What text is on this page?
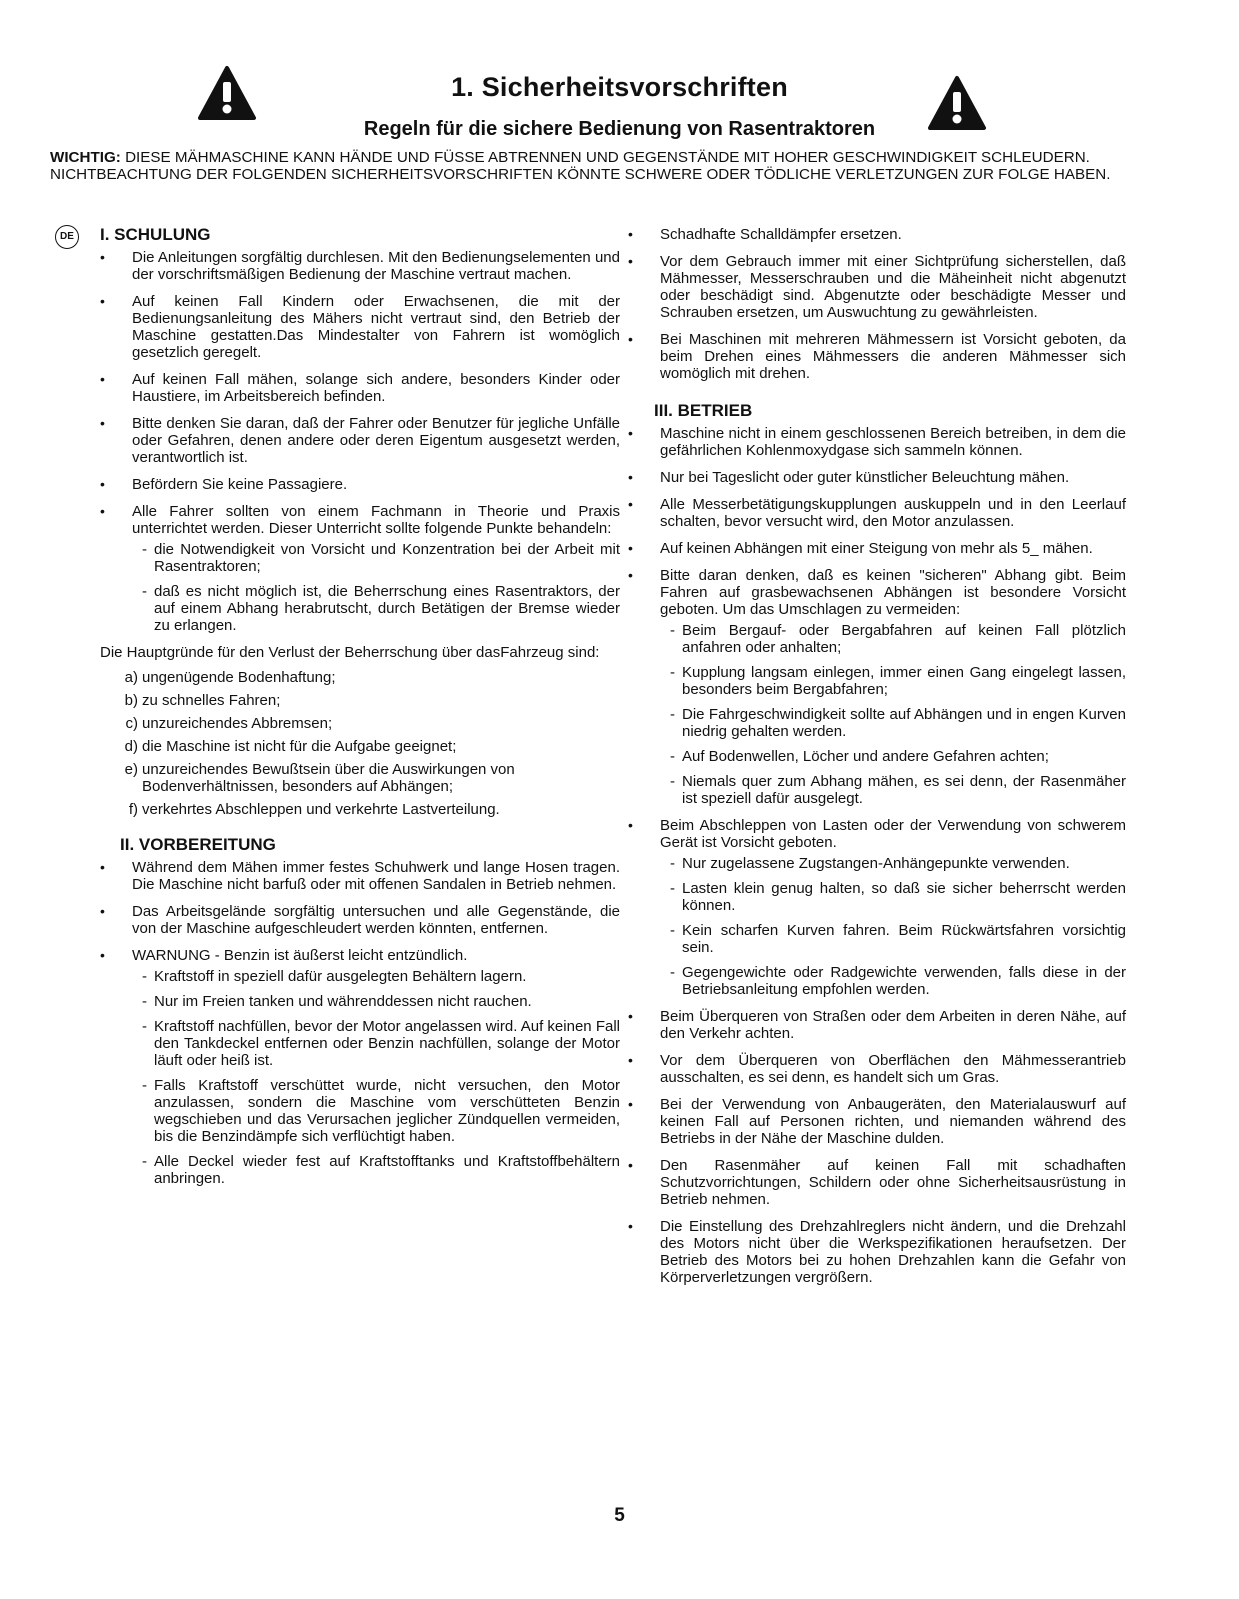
1. Sicherheitsvorschriften
Regeln für die sichere Bedienung von Rasentraktoren
WICHTIG: DIESE MÄHMASCHINE KANN HÄNDE UND FÜSSE ABTRENNEN UND GEGENSTÄNDE MIT HOHER GESCHWINDIGKEIT SCHLEUDERN. NICHTBEACHTUNG DER FOLGENDEN SICHERHEITSVORSCHRIFTEN KÖNNTE SCHWERE ODER TÖDLICHE VERLETZUNGEN ZUR FOLGE HABEN.
DE I. SCHULUNG
• Die Anleitungen sorgfältig durchlesen. Mit den Bedienungselementen und der vorschriftsmäßigen Bedienung der Maschine vertraut machen.
• Auf keinen Fall Kindern oder Erwachsenen, die mit der Bedienungsanleitung des Mähers nicht vertraut sind, den Betrieb der Maschine gestatten.Das Mindestalter von Fahrern ist womöglich gesetzlich geregelt.
• Auf keinen Fall mähen, solange sich andere, besonders Kinder oder Haustiere, im Arbeitsbereich befinden.
• Bitte denken Sie daran, daß der Fahrer oder Benutzer für jegliche Unfälle oder Gefahren, denen andere oder deren Eigentum ausgesetzt werden, verantwortlich ist.
• Befördern Sie keine Passagiere.
• Alle Fahrer sollten von einem Fachmann in Theorie und Praxis unterrichtet werden. Dieser Unterricht sollte folgende Punkte behandeln:
- die Notwendigkeit von Vorsicht und Konzentration bei der Arbeit mit Rasentraktoren;
- daß es nicht möglich ist, die Beherrschung eines Rasentraktors, der auf einem Abhang herabrutscht, durch Betätigen der Bremse wieder zu erlangen.
Die Hauptgründe für den Verlust der Beherrschung über dasFahrzeug sind:
a) ungenügende Bodenhaftung;
b) zu schnelles Fahren;
c) unzureichendes Abbremsen;
d) die Maschine ist nicht für die Aufgabe geeignet;
e) unzureichendes Bewußtsein über die Auswirkungen von Bodenverhältnissen, besonders auf Abhängen;
f) verkehrtes Abschleppen und verkehrte Lastverteilung.
II. VORBEREITUNG
• Während dem Mähen immer festes Schuhwerk und lange Hosen tragen. Die Maschine nicht barfuß oder mit offenen Sandalen in Betrieb nehmen.
• Das Arbeitsgelände sorgfältig untersuchen und alle Gegenstände, die von der Maschine aufgeschleudert werden könnten, entfernen.
• WARNUNG - Benzin ist äußerst leicht entzündlich.
- Kraftstoff in speziell dafür ausgelegten Behältern lagern.
- Nur im Freien tanken und währenddessen nicht rauchen.
- Kraftstoff nachfüllen, bevor der Motor angelassen wird. Auf keinen Fall den Tankdeckel entfernen oder Benzin nachfüllen, solange der Motor läuft oder heiß ist.
- Falls Kraftstoff verschüttet wurde, nicht versuchen, den Motor anzulassen, sondern die Maschine vom verschütteten Benzin wegschieben und das Verursachen jeglicher Zündquellen vermeiden, bis die Benzindämpfe sich verflüchtigt haben.
- Alle Deckel wieder fest auf Kraftstofftanks und Kraftstoffbehältern anbringen.
• Schadhafte Schalldämpfer ersetzen.
• Vor dem Gebrauch immer mit einer Sichtprüfung sicherstellen, daß Mähmesser, Messerschrauben und die Mäheinheit nicht abgenutzt oder beschädigt sind. Abgenutzte oder beschädigte Messer und Schrauben ersetzen, um Auswuchtung zu gewährleisten.
• Bei Maschinen mit mehreren Mähmessern ist Vorsicht geboten, da beim Drehen eines Mähmessers die anderen Mähmesser sich womöglich mit drehen.
III. BETRIEB
• Maschine nicht in einem geschlossenen Bereich betreiben, in dem die gefährlichen Kohlenmoxydgase sich sammeln können.
• Nur bei Tageslicht oder guter künstlicher Beleuchtung mähen.
• Alle Messerbetätigungskupplungen auskuppeln und in den Leerlauf schalten, bevor versucht wird, den Motor anzulassen.
• Auf keinen Abhängen mit einer Steigung von mehr als 5_ mähen.
• Bitte daran denken, daß es keinen "sicheren" Abhang gibt. Beim Fahren auf grasbewachsenen Abhängen ist besondere Vorsicht geboten. Um das Umschlagen zu vermeiden:
- Beim Bergauf- oder Bergabfahren auf keinen Fall plötzlich anfahren oder anhalten;
- Kupplung langsam einlegen, immer einen Gang eingelegt lassen, besonders beim Bergabfahren;
- Die Fahrgeschwindigkeit sollte auf Abhängen und in engen Kurven niedrig gehalten werden.
- Auf Bodenwellen, Löcher und andere Gefahren achten;
- Niemals quer zum Abhang mähen, es sei denn, der Rasenmäher ist speziell dafür ausgelegt.
• Beim Abschleppen von Lasten oder der Verwendung von schwerem Gerät ist Vorsicht geboten.
- Nur zugelassene Zugstangen-Anhängepunkte verwenden.
- Lasten klein genug halten, so daß sie sicher beherrscht werden können.
- Kein scharfen Kurven fahren. Beim Rückwärtsfahren vorsichtig sein.
- Gegengewichte oder Radgewichte verwenden, falls diese in der Betriebsanleitung empfohlen werden.
• Beim Überqueren von Straßen oder dem Arbeiten in deren Nähe, auf den Verkehr achten.
• Vor dem Überqueren von Oberflächen den Mähmesserantrieb ausschalten, es sei denn, es handelt sich um Gras.
• Bei der Verwendung von Anbaugeräten, den Materialauswurf auf keinen Fall auf Personen richten, und niemanden während des Betriebs in der Nähe der Maschine dulden.
• Den Rasenmäher auf keinen Fall mit schadhaften Schutzvorrichtungen, Schildern oder ohne Sicherheitsausrüstung in Betrieb nehmen.
• Die Einstellung des Drehzahlreglers nicht ändern, und die Drehzahl des Motors nicht über die Werkspezifikationen heraufsetzen. Der Betrieb des Motors bei zu hohen Drehzahlen kann die Gefahr von Körperverletzungen vergrößern.
5
